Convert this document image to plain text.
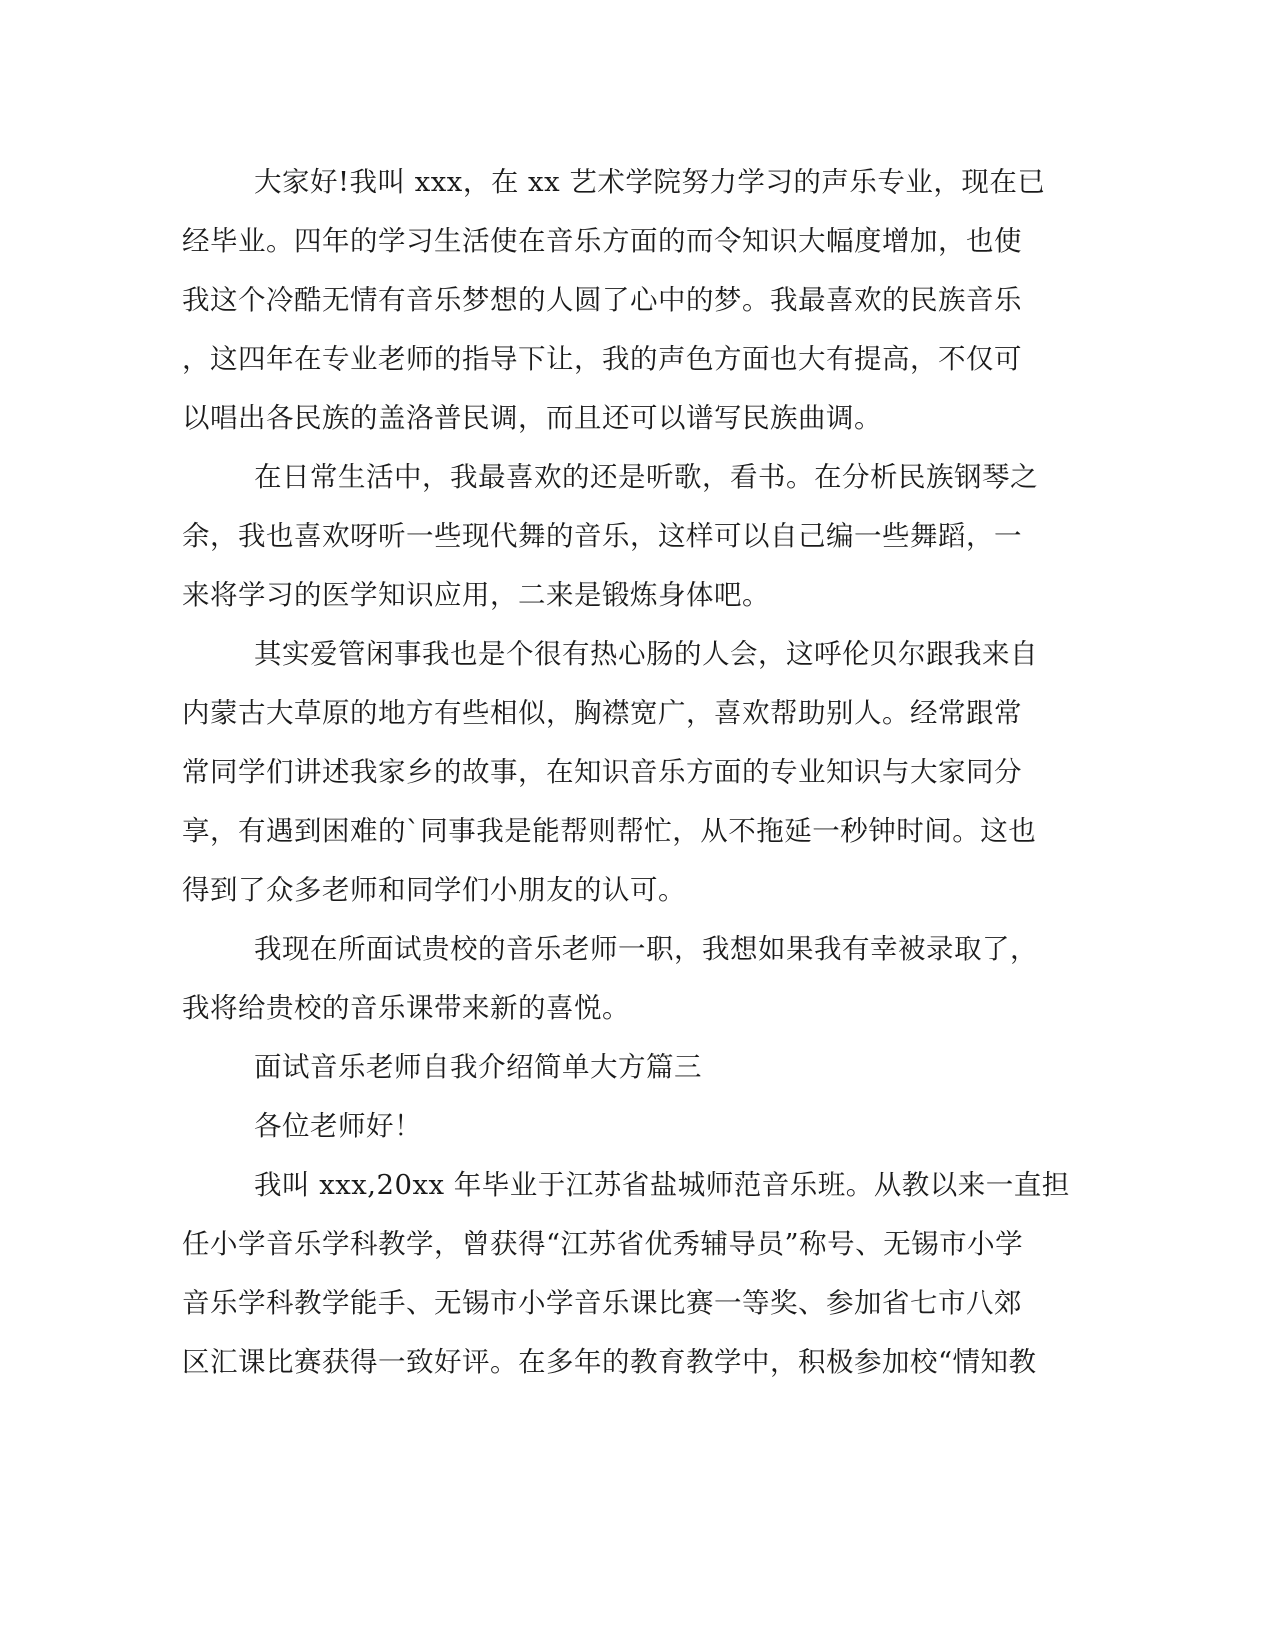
大家好!我叫 xxx，在 xx 艺术学院努力学习的声乐专业，现在已
经毕业。四年的学习生活使在音乐方面的而令知识大幅度增加，也使
我这个冷酷无情有音乐梦想的人圆了心中的梦。我最喜欢的民族音乐
，这四年在专业老师的指导下让，我的声色方面也大有提高，不仅可
以唱出各民族的盖洛普民调，而且还可以谱写民族曲调。
在日常生活中，我最喜欢的还是听歌，看书。在分析民族钢琴之
余，我也喜欢呀听一些现代舞的音乐，这样可以自己编一些舞蹈，一
来将学习的医学知识应用，二来是锻炼身体吧。
其实爱管闲事我也是个很有热心肠的人会，这呼伦贝尔跟我来自
内蒙古大草原的地方有些相似，胸襟宽广，喜欢帮助别人。经常跟常
常同学们讲述我家乡的故事，在知识音乐方面的专业知识与大家同分
享，有遇到困难的`同事我是能帮则帮忙，从不拖延一秒钟时间。这也
得到了众多老师和同学们小朋友的认可。
我现在所面试贵校的音乐老师一职，我想如果我有幸被录取了，
我将给贵校的音乐课带来新的喜悦。
面试音乐老师自我介绍简单大方篇三
各位老师好！
我叫 xxx,20xx 年毕业于江苏省盐城师范音乐班。从教以来一直担
任小学音乐学科教学，曾获得“江苏省优秀辅导员”称号、无锡市小学
音乐学科教学能手、无锡市小学音乐课比赛一等奖、参加省七市八郊
区汇课比赛获得一致好评。在多年的教育教学中，积极参加校“情知教
